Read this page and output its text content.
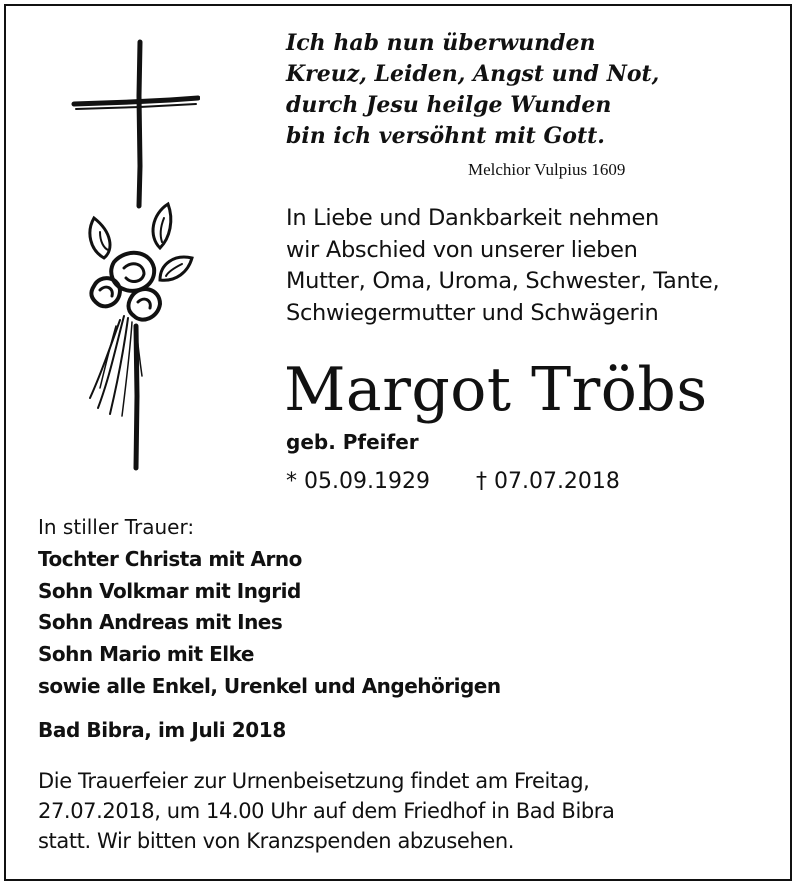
Ich hab nun überwunden
Kreuz, Leiden, Angst und Not,
durch Jesu heilge Wunden
bin ich versöhnt mit Gott.
Melchior Vulpius 1609
In Liebe und Dankbarkeit nehmen
wir Abschied von unserer lieben
Mutter, Oma, Uroma, Schwester, Tante,
Schwiegermutter und Schwägerin
Margot Tröbs
geb. Pfeifer
* 05.09.1929 † 07.07.2018
In stiller Trauer:
Tochter Christa mit Arno
Sohn Volkmar mit Ingrid
Sohn Andreas mit Ines
Sohn Mario mit Elke
sowie alle Enkel, Urenkel und Angehörigen
Bad Bibra, im Juli 2018
Die Trauerfeier zur Urnenbeisetzung findet am Freitag,
27.07.2018, um 14.00 Uhr auf dem Friedhof in Bad Bibra
statt. Wir bitten von Kranzspenden abzusehen.
